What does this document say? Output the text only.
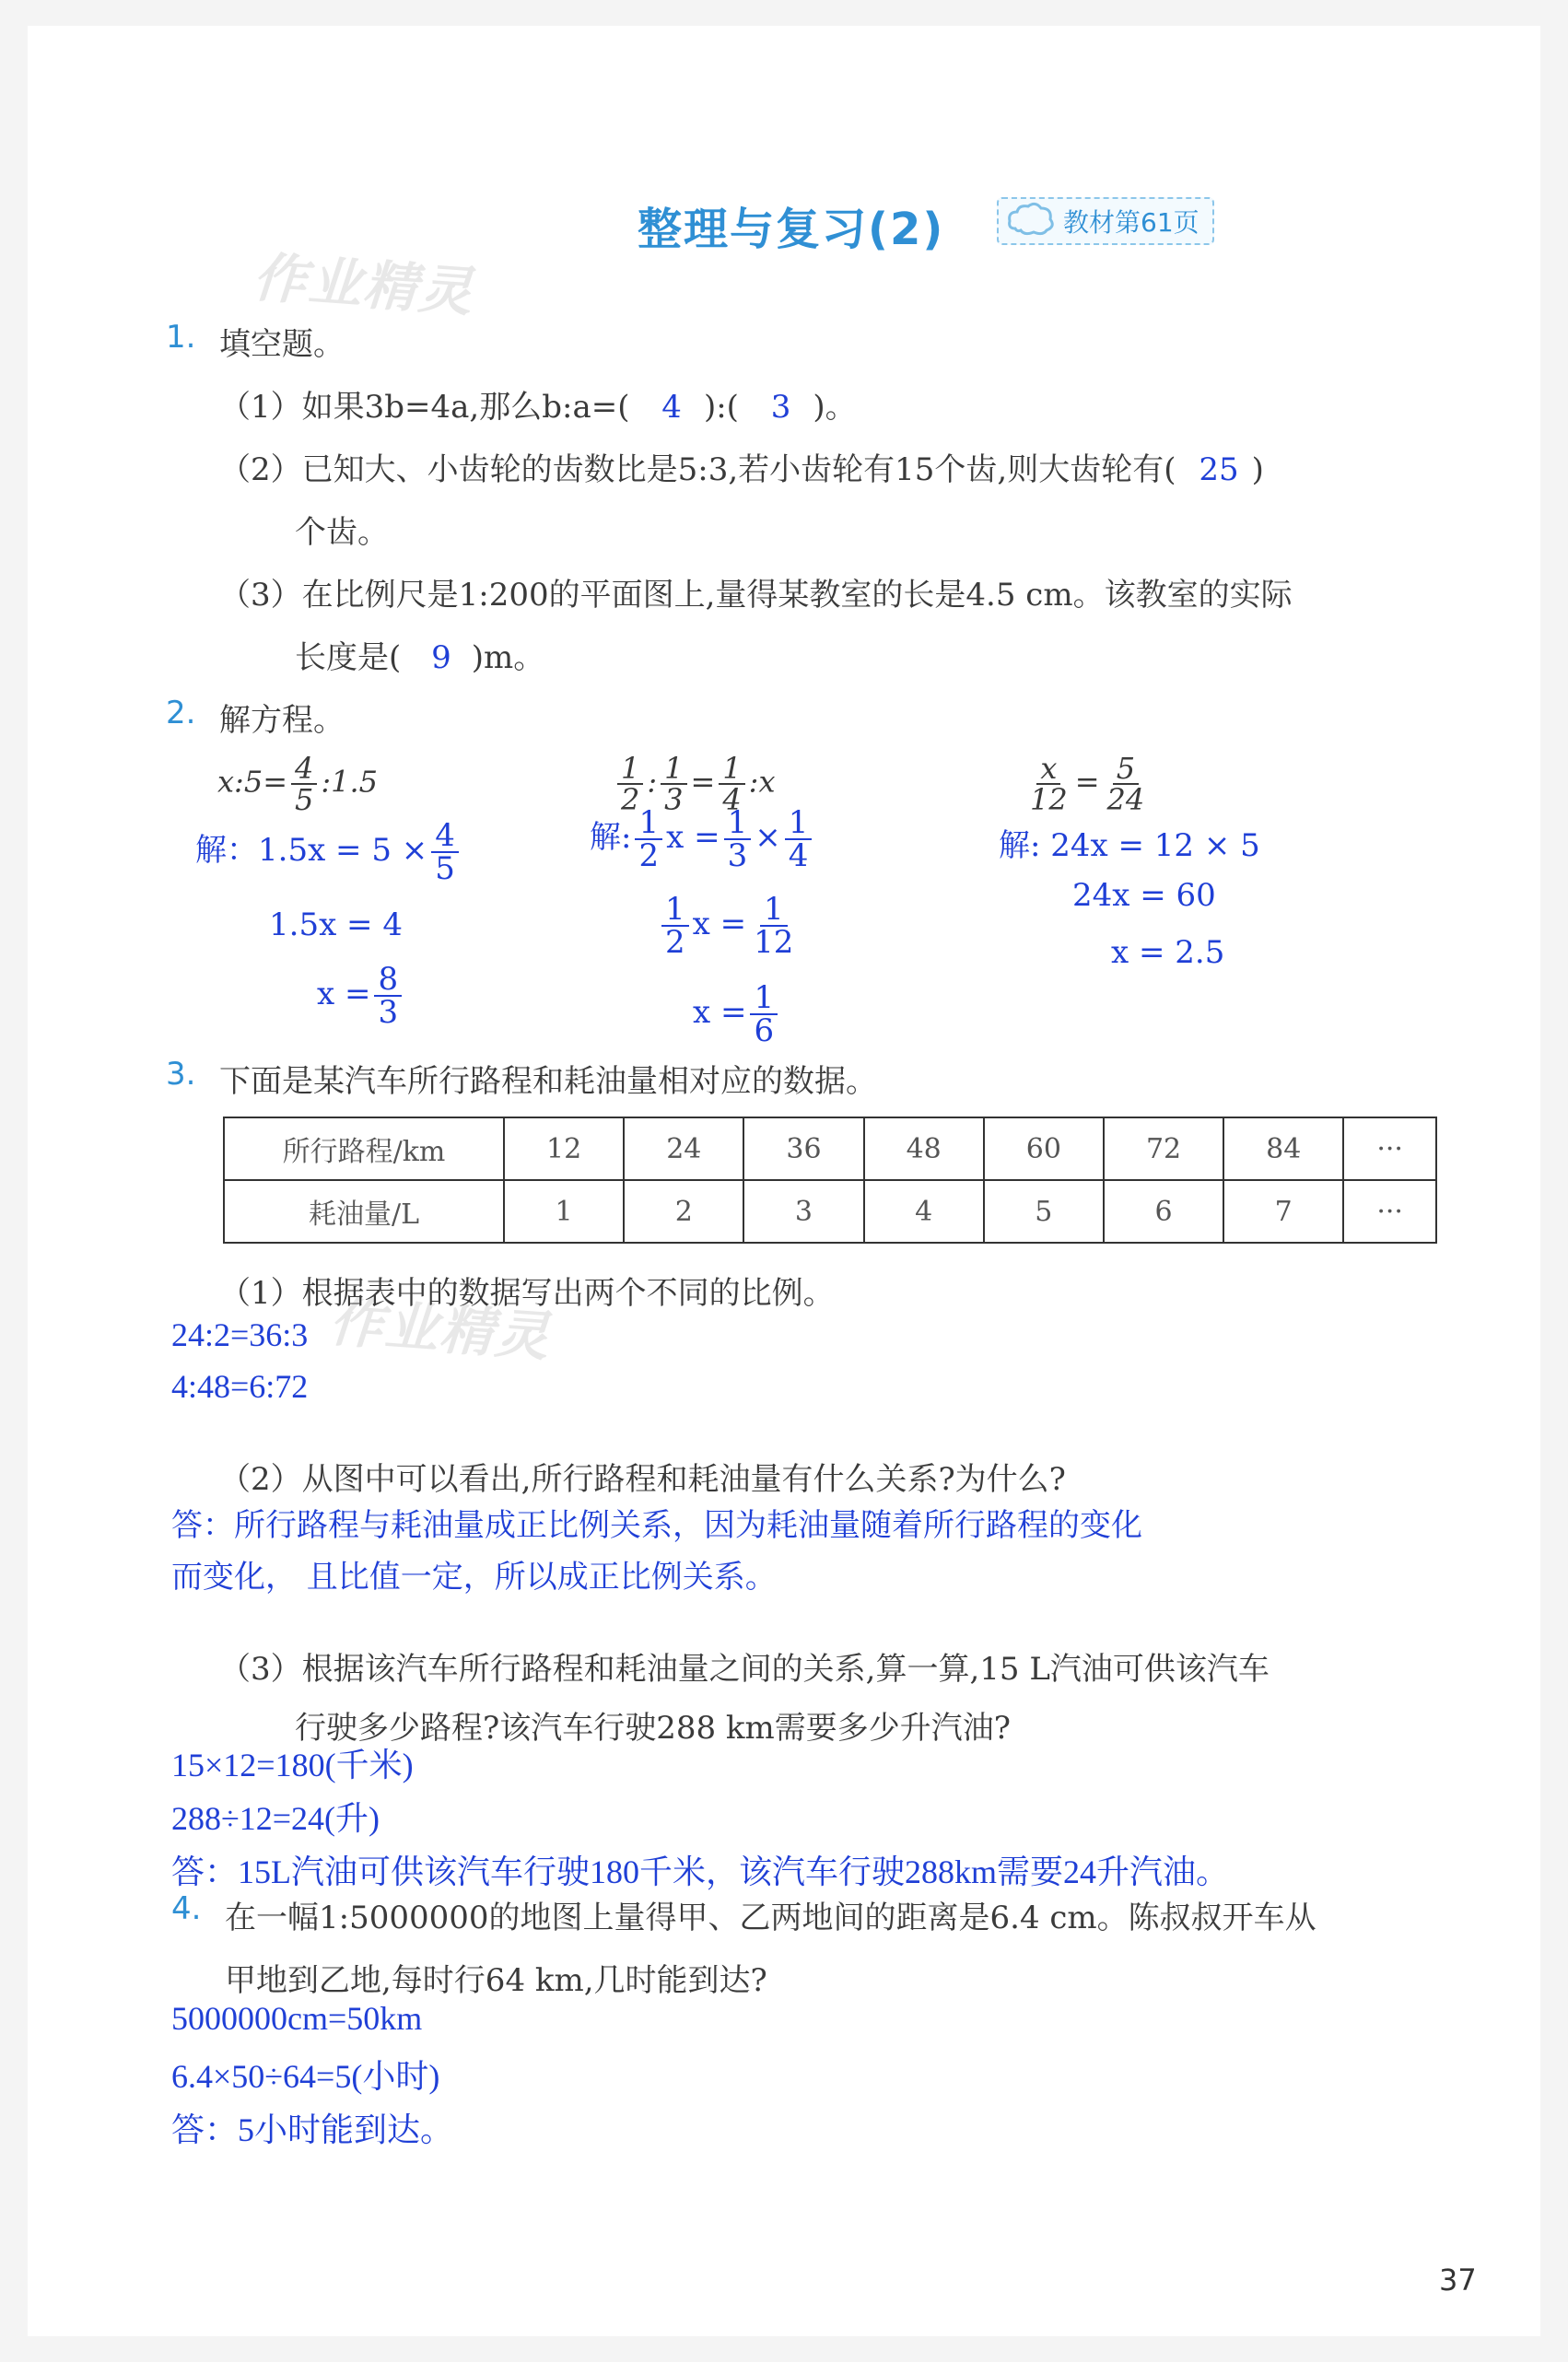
整理与复习(2)	教材第61页
作业精灵
作业精灵
1. 填空题。
（1）如果3b=4a,那么b:a=( 4 ):( 3 )。
（2）已知大、小齿轮的齿数比是5:3,若小齿轮有15个齿,则大齿轮有( 25 )
个齿。
（3）在比例尺是1:200的平面图上,量得某教室的长是4.5 cm。该教室的实际
长度是( 9 )m。
2. 解方程。
x:5= $\frac{4}{5}$ :1.5
解：$1.5x = 5 \times \frac{4}{5}$
1.5x = 4
$x = \frac{8}{3}$
$\frac{1}{2}$ : $\frac{1}{3} = \frac{1}{4}$ :x
解: $\frac{1}{2}$ $x = \frac{1}{3} \times \frac{1}{4}$
$\frac{1}{2}$ $x = \frac{1}{12}$
$x = \frac{1}{6}$
$\frac{x}{12} = \frac{5}{24}$
解: 24x = 12 × 5
24x = 60
x = 2.5
3. 下面是某汽车所行路程和耗油量相对应的数据。
所行路程/km	12	24	36	48	60	72	84	···
耗油量/L	1	2	3	4	5	6	7	···
（1）根据表中的数据写出两个不同的比例。
24:2=36:3
4:48=6:72
（2）从图中可以看出,所行路程和耗油量有什么关系?为什么?
答：所行路程与耗油量成正比例关系，因为耗油量随着所行路程的变化
而变化， 且比值一定，所以成正比例关系。
（3）根据该汽车所行路程和耗油量之间的关系,算一算,15 L汽油可供该汽车
行驶多少路程?该汽车行驶288 km需要多少升汽油?
15×12=180(千米)
288÷12=24(升)
答：15L汽油可供该汽车行驶180千米，该汽车行驶288km需要24升汽油。
4. 在一幅1:5000000的地图上量得甲、乙两地间的距离是6.4 cm。陈叔叔开车从
甲地到乙地,每时行64 km,几时能到达?
5000000cm=50km
6.4×50÷64=5(小时)
答：5小时能到达。
37
